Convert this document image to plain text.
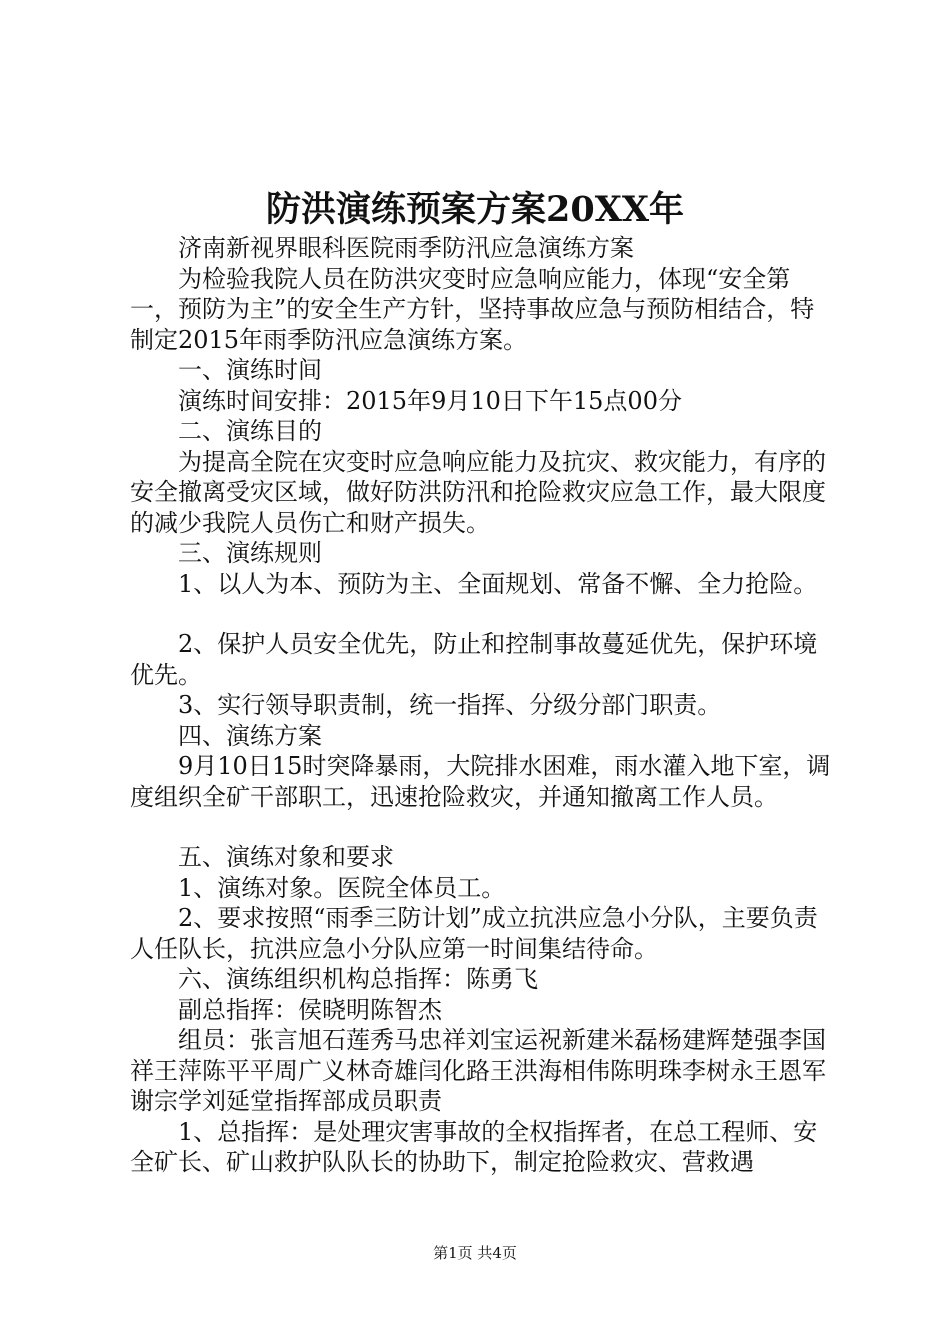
防洪演练预案方案20XX年

济南新视界眼科医院雨季防汛应急演练方案

为检验我院人员在防洪灾变时应急响应能力，体现“安全第一，预防为主”的安全生产方针，坚持事故应急与预防相结合，特制定2015年雨季防汛应急演练方案。

一、演练时间

演练时间安排：2015年9月10日下午15点00分

二、演练目的

为提高全院在灾变时应急响应能力及抗灾、救灾能力，有序的安全撤离受灾区域，做好防洪防汛和抢险救灾应急工作，最大限度的减少我院人员伤亡和财产损失。

三、演练规则

1、以人为本、预防为主、全面规划、常备不懈、全力抢险。

2、保护人员安全优先，防止和控制事故蔓延优先，保护环境优先。

3、实行领导职责制，统一指挥、分级分部门职责。

四、演练方案

9月10日15时突降暴雨，大院排水困难，雨水灌入地下室，调度组织全矿干部职工，迅速抢险救灾，并通知撤离工作人员。

五、演练对象和要求

1、演练对象。医院全体员工。

2、要求按照“雨季三防计划”成立抗洪应急小分队，主要负责人任队长，抗洪应急小分队应第一时间集结待命。

六、演练组织机构总指挥：陈勇飞

副总指挥：侯晓明陈智杰

组员：张言旭石莲秀马忠祥刘宝运祝新建米磊杨建辉楚强李国祥王萍陈平平周广义林奇雄闫化路王洪海相伟陈明珠李树永王恩军谢宗学刘延堂指挥部成员职责

1、总指挥：是处理灾害事故的全权指挥者，在总工程师、安全矿长、矿山救护队队长的协助下，制定抢险救灾、营救遇

第1页 共4页
